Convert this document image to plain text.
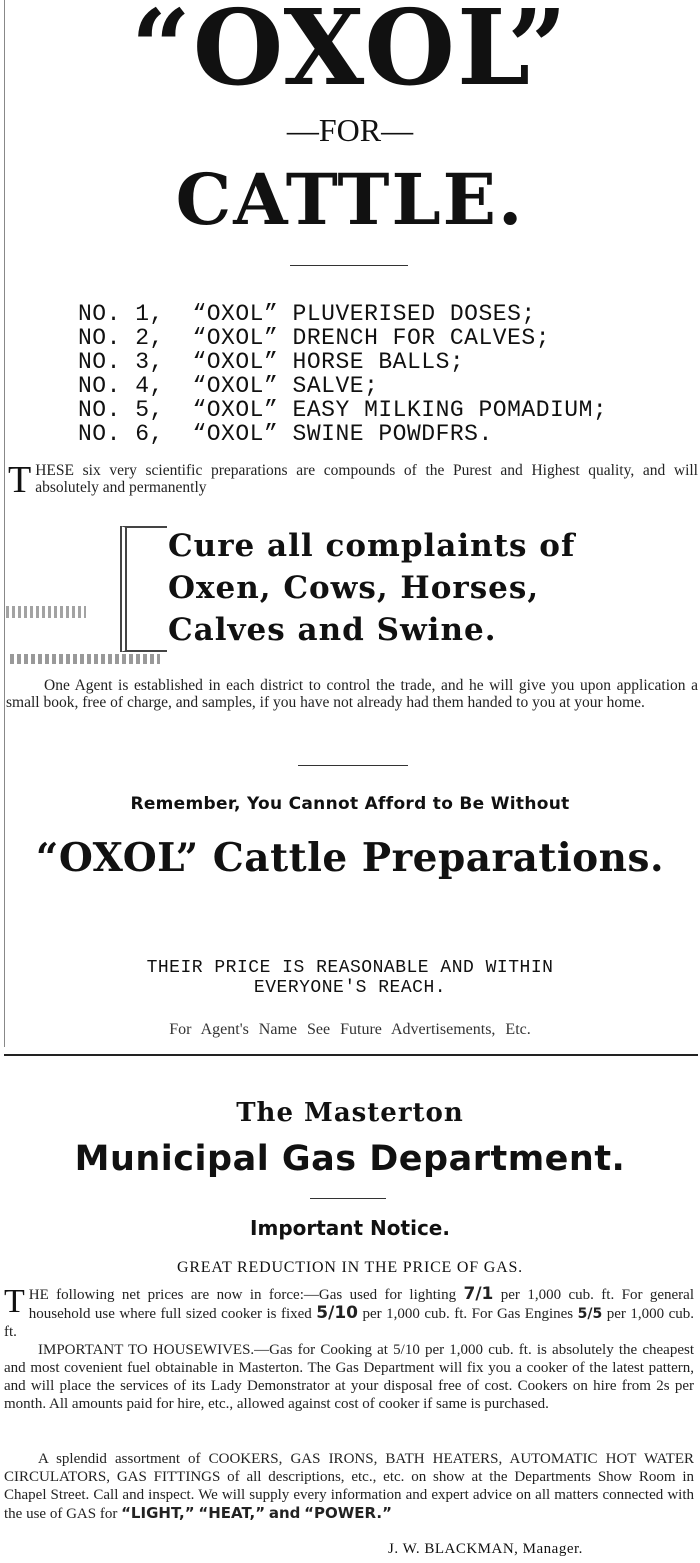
“OXOL”
—FOR—
CATTLE.
NO. 1, “OXOL” PLUVERISED DOSES;
NO. 2, “OXOL” DRENCH FOR CALVES;
NO. 3, “OXOL” HORSE BALLS;
NO. 4, “OXOL” SALVE;
NO. 5, “OXOL” EASY MILKING POMADIUM;
NO. 6, “OXOL” SWINE POWDFRS.
THESE six very scientific preparations are compounds of the Purest and Highest quality, and will absolutely and permanently
Cure all complaints of
Oxen, Cows, Horses,
Calves and Swine.
One Agent is established in each district to control the trade, and he will give you upon application a small book, free of charge, and samples, if you have not already had them handed to you at your home.
Remember, You Cannot Afford to Be Without
“OXOL” Cattle Preparations.
THEIR PRICE IS REASONABLE AND WITHIN
EVERYONE'S REACH.
For Agent's Name See Future Advertisements, Etc.
The Masterton
Municipal Gas Department.
Important Notice.
GREAT REDUCTION IN THE PRICE OF GAS.
THE following net prices are now in force:—Gas used for lighting 7/1 per 1,000 cub. ft. For general household use where full sized cooker is fixed 5/10 per 1,000 cub. ft. For Gas Engines 5/5 per 1,000 cub. ft.
IMPORTANT TO HOUSEWIVES.—Gas for Cooking at 5/10 per 1,000 cub. ft. is absolutely the cheapest and most covenient fuel obtainable in Masterton. The Gas Department will fix you a cooker of the latest pattern, and will place the services of its Lady Demonstrator at your disposal free of cost. Cookers on hire from 2s per month. All amounts paid for hire, etc., allowed against cost of cooker if same is purchased.
A splendid assortment of COOKERS, GAS IRONS, BATH HEATERS, AUTOMATIC HOT WATER CIRCULATORS, GAS FITTINGS of all descriptions, etc., etc. on show at the Departments Show Room in Chapel Street. Call and inspect. We will supply every information and expert advice on all matters connected with the use of GAS for “LIGHT,” “HEAT,” and “POWER.”
J. W. BLACKMAN, Manager.
